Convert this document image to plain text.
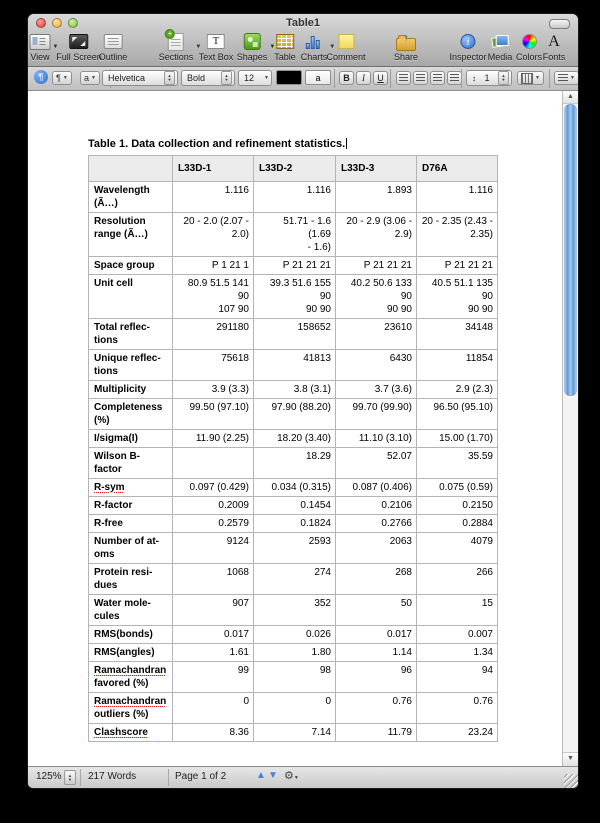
Table1
▼
View Full Screen
Outline
+
▼
Sections
T
Text Box
▼
Shapes Table
▼
Charts Comment
↑	Share
i
Inspector Media Colors
A
Fonts
¶	¶ ▼ a ▼ Helvetica	▲
▼ Bold	▲
▼ 12 ▼	a	B	I	U	↕ 1	▲
▼	▼	▼
Table 1. Data collection and refinement statistics.
	L33D-1	L33D-2	L33D-3	D76A
Wavelength
(Ã…)	1.116	1.116	1.893	1.116
Resolution
range (Ã…)	20 - 2.0 (2.07 -
2.0)	51.71 - 1.6 (1.69
- 1.6)	20 - 2.9 (3.06 -
2.9)	20 - 2.35 (2.43 -
2.35)
Space group	P 1 21 1	P 21 21 21	P 21 21 21	P 21 21 21
Unit cell	80.9 51.5 141 90
107 90	39.3 51.6 155 90
90 90	40.2 50.6 133 90
90 90	40.5 51.1 135 90
90 90
Total reflec-
tions	291180	158652	23610	34148
Unique reflec-
tions	75618	41813	6430	11854
Multiplicity	3.9 (3.3)	3.8 (3.1)	3.7 (3.6)	2.9 (2.3)
Completeness
(%)	99.50 (97.10)	97.90 (88.20)	99.70 (99.90)	96.50 (95.10)
I/sigma(I)	11.90 (2.25)	18.20 (3.40)	11.10 (3.10)	15.00 (1.70)
Wilson B-
factor		18.29	52.07	35.59
R-sym	0.097 (0.429)	0.034 (0.315)	0.087 (0.406)	0.075 (0.59)
R-factor	0.2009	0.1454	0.2106	0.2150
R-free	0.2579	0.1824	0.2766	0.2884
Number of at-
oms	9124	2593	2063	4079
Protein resi-
dues	1068	274	268	266
Water mole-
cules	907	352	50	15
RMS(bonds)	0.017	0.026	0.017	0.007
RMS(angles)	1.61	1.80	1.14	1.34
Ramachandran
favored (%)	99	98	96	94
Ramachandran
outliers (%)	0	0	0.76	0.76
Clashscore	8.36	7.14	11.79	23.24
▲
▼
125% ▲
▼ 217 Words	Page 1 of 2	▲ ▼ ⚙▼
